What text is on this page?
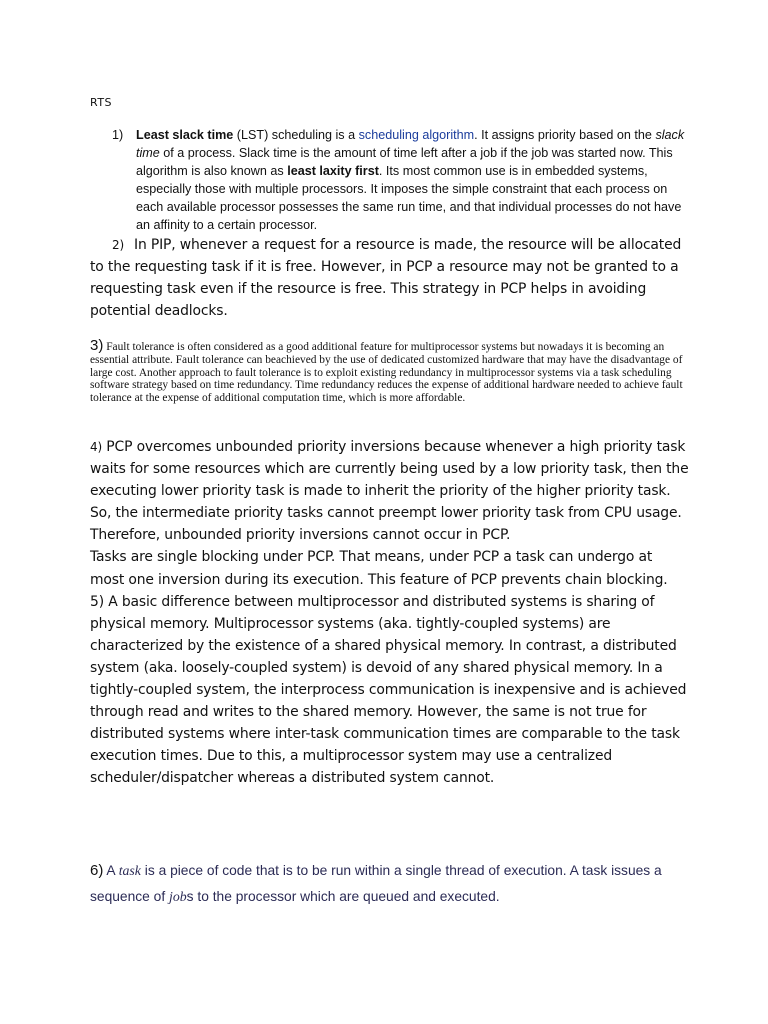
RTS
1) Least slack time (LST) scheduling is a scheduling algorithm. It assigns priority based on the slack time of a process. Slack time is the amount of time left after a job if the job was started now. This algorithm is also known as least laxity first. Its most common use is in embedded systems, especially those with multiple processors. It imposes the simple constraint that each process on each available processor possesses the same run time, and that individual processes do not have an affinity to a certain processor.

2) In PIP, whenever a request for a resource is made, the resource will be allocated to the requesting task if it is free. However, in PCP a resource may not be granted to a requesting task even if the resource is free. This strategy in PCP helps in avoiding potential deadlocks.

3) Fault tolerance is often considered as a good additional feature for multiprocessor systems but nowadays it is becoming an essential attribute. Fault tolerance can beachieved by the use of dedicated customized hardware that may have the disadvantage of large cost. Another approach to fault tolerance is to exploit existing redundancy in multiprocessor systems via a task scheduling software strategy based on time redundancy. Time redundancy reduces the expense of additional hardware needed to achieve fault tolerance at the expense of additional computation time, which is more affordable.

4) PCP overcomes unbounded priority inversions because whenever a high priority task waits for some resources which are currently being used by a low priority task, then the executing lower priority task is made to inherit the priority of the higher priority task. So, the intermediate priority tasks cannot preempt lower priority task from CPU usage. Therefore, unbounded priority inversions cannot occur in PCP.

Tasks are single blocking under PCP. That means, under PCP a task can undergo at most one inversion during its execution. This feature of PCP prevents chain blocking.

5) A basic difference between multiprocessor and distributed systems is sharing of physical memory. Multiprocessor systems (aka. tightly-coupled systems) are characterized by the existence of a shared physical memory. In contrast, a distributed system (aka. loosely-coupled system) is devoid of any shared physical memory. In a tightly-coupled system, the interprocess communication is inexpensive and is achieved through read and writes to the shared memory. However, the same is not true for distributed systems where inter-task communication times are comparable to the task execution times. Due to this, a multiprocessor system may use a centralized scheduler/dispatcher whereas a distributed system cannot.

6) A task is a piece of code that is to be run within a single thread of execution. A task issues a sequence of jobs to the processor which are queued and executed.
